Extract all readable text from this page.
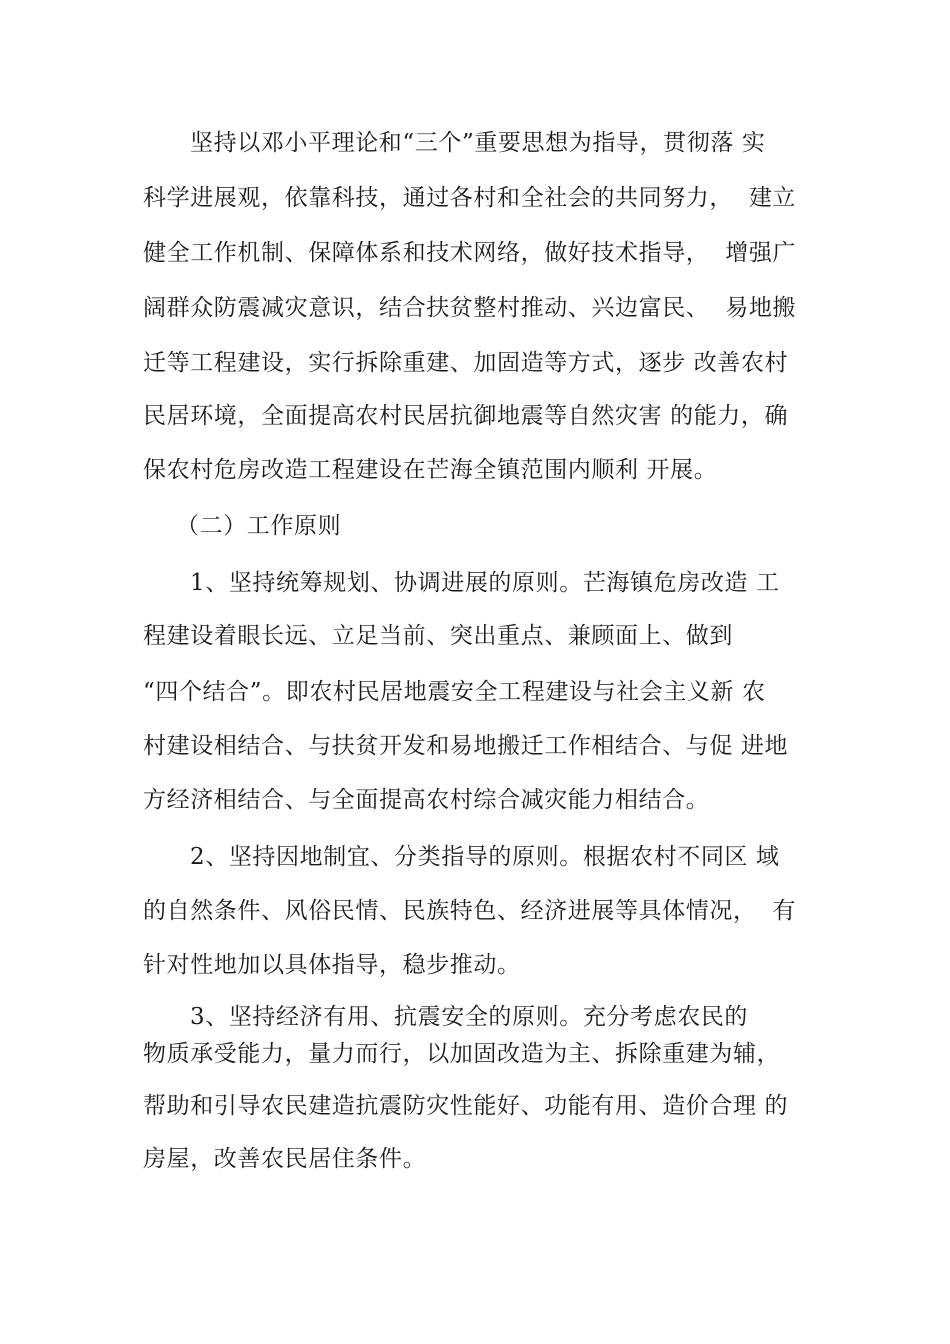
坚持以邓小平理论和“三个”重要思想为指导，贯彻落 实
科学进展观，依靠科技，通过各村和全社会的共同努力，  建立
健全工作机制、保障体系和技术网络，做好技术指导，  增强广
阔群众防震减灾意识，结合扶贫整村推动、兴边富民、  易地搬
迁等工程建设，实行拆除重建、加固造等方式，逐步 改善农村
民居环境，全面提高农村民居抗御地震等自然灾害 的能力，确
保农村危房改造工程建设在芒海全镇范围内顺利 开展。
（二）工作原则
1、坚持统筹规划、协调进展的原则。芒海镇危房改造 工
程建设着眼长远、立足当前、突出重点、兼顾面上、做到
“四个结合”。即农村民居地震安全工程建设与社会主义新 农
村建设相结合、与扶贫开发和易地搬迁工作相结合、与促 进地
方经济相结合、与全面提高农村综合减灾能力相结合。
2、坚持因地制宜、分类指导的原则。根据农村不同区 域
的自然条件、风俗民情、民族特色、经济进展等具体情况，  有
针对性地加以具体指导，稳步推动。
3、坚持经济有用、抗震安全的原则。充分考虑农民的
物质承受能力，量力而行，以加固改造为主、拆除重建为辅，
帮助和引导农民建造抗震防灾性能好、功能有用、造价合理 的
房屋，改善农民居住条件。
